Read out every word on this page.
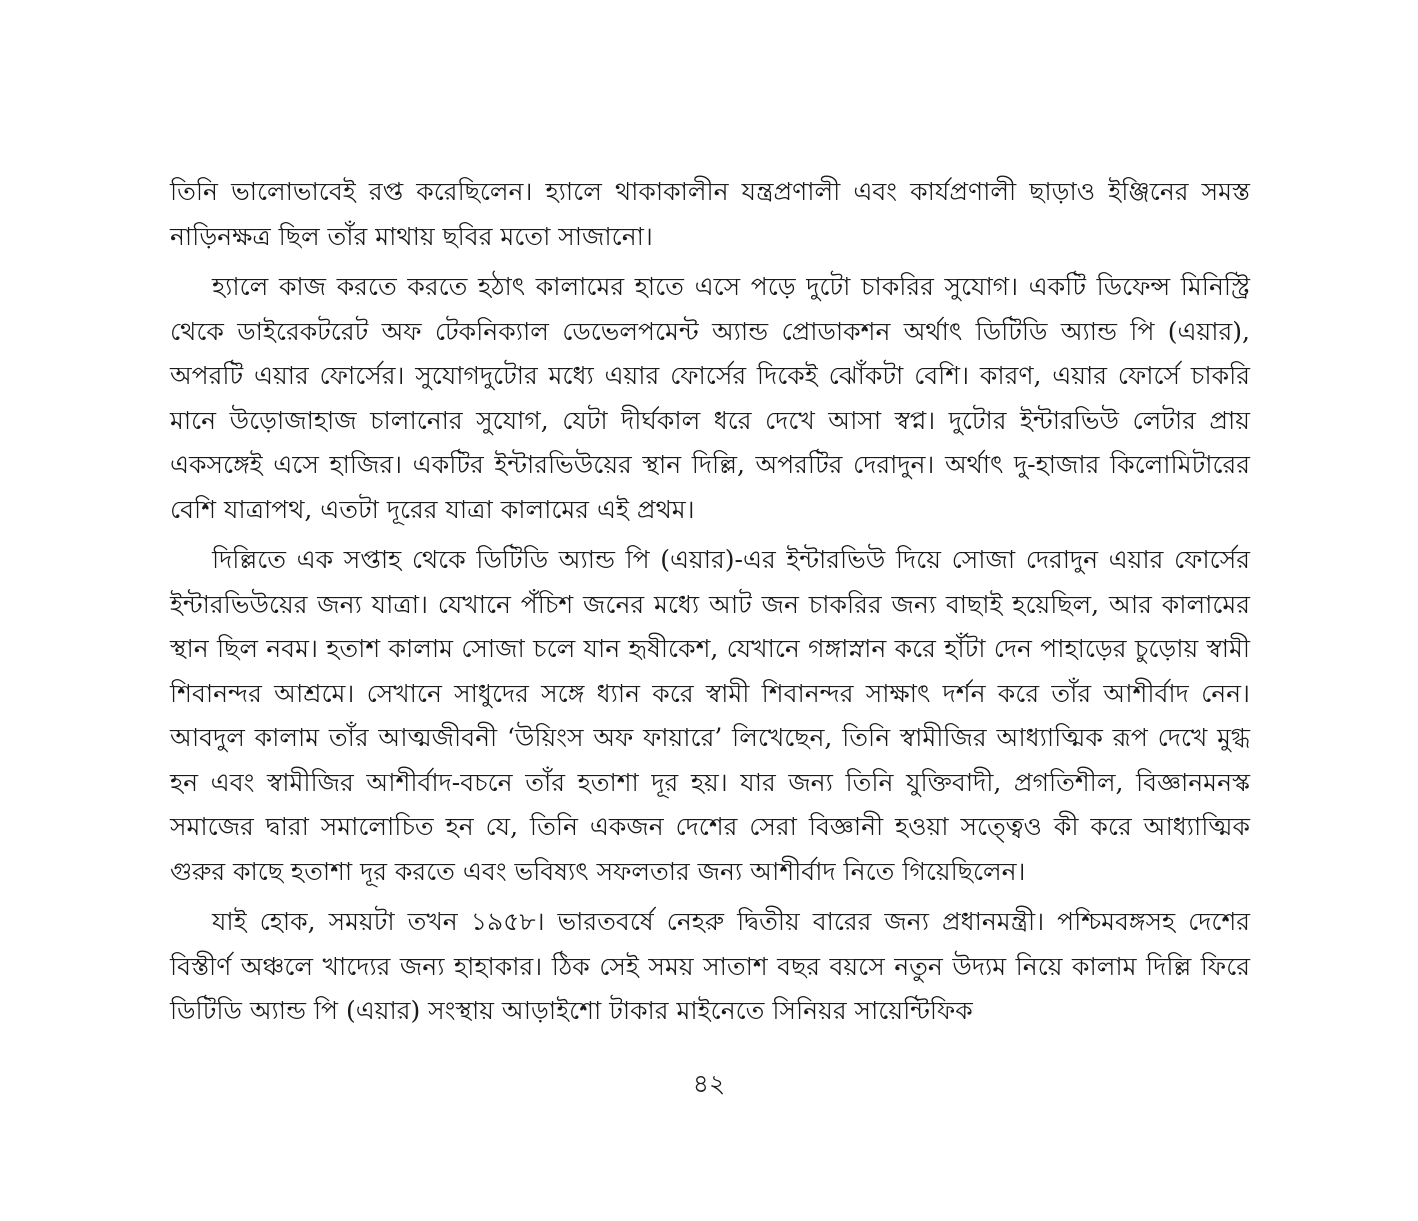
তিনি ভালোভাবেই রপ্ত করেছিলেন। হ্যালে থাকাকালীন যন্ত্রপ্রণালী এবং কার্যপ্রণালী ছাড়াও ইঞ্জিনের সমস্ত নাড়িনক্ষত্র ছিল তাঁর মাথায় ছবির মতো সাজানো।

হ্যালে কাজ করতে করতে হঠাৎ কালামের হাতে এসে পড়ে দুটো চাকরির সুযোগ। একটি ডিফেন্স মিনিস্ট্রি থেকে ডাইরেকটরেট অফ টেকনিক্যাল ডেভেলপমেন্ট অ্যান্ড প্রোডাকশন অর্থাৎ ডিটিডি অ্যান্ড পি (এয়ার), অপরটি এয়ার ফোর্সের। সুযোগদুটোর মধ্যে এয়ার ফোর্সের দিকেই ঝোঁকটা বেশি। কারণ, এয়ার ফোর্সে চাকরি মানে উড়োজাহাজ চালানোর সুযোগ, যেটা দীর্ঘকাল ধরে দেখে আসা স্বপ্ন। দুটোর ইন্টারভিউ লেটার প্রায় একসঙ্গেই এসে হাজির। একটির ইন্টারভিউয়ের স্থান দিল্লি, অপরটির দেরাদুন। অর্থাৎ দু-হাজার কিলোমিটারের বেশি যাত্রাপথ, এতটা দূরের যাত্রা কালামের এই প্রথম।

দিল্লিতে এক সপ্তাহ থেকে ডিটিডি অ্যান্ড পি (এয়ার)-এর ইন্টারভিউ দিয়ে সোজা দেরাদুন এয়ার ফোর্সের ইন্টারভিউয়ের জন্য যাত্রা। যেখানে পঁচিশ জনের মধ্যে আট জন চাকরির জন্য বাছাই হয়েছিল, আর কালামের স্থান ছিল নবম। হতাশ কালাম সোজা চলে যান হৃষীকেশ, যেখানে গঙ্গাস্নান করে হাঁটা দেন পাহাড়ের চুড়োয় স্বামী শিবানন্দর আশ্রমে। সেখানে সাধুদের সঙ্গে ধ্যান করে স্বামী শিবানন্দর সাক্ষাৎ দর্শন করে তাঁর আশীর্বাদ নেন। আবদুল কালাম তাঁর আত্মজীবনী ‘উয়িংস অফ ফায়ারে’ লিখেছেন, তিনি স্বামীজির আধ্যাত্মিক রূপ দেখে মুগ্ধ হন এবং স্বামীজির আশীর্বাদ-বচনে তাঁর হতাশা দূর হয়। যার জন্য তিনি যুক্তিবাদী, প্রগতিশীল, বিজ্ঞানমনস্ক সমাজের দ্বারা সমালোচিত হন যে, তিনি একজন দেশের সেরা বিজ্ঞানী হওয়া সত্ত্বেও কী করে আধ্যাত্মিক গুরুর কাছে হতাশা দূর করতে এবং ভবিষ্যৎ সফলতার জন্য আশীর্বাদ নিতে গিয়েছিলেন।

যাই হোক, সময়টা তখন ১৯৫৮। ভারতবর্ষে নেহরু দ্বিতীয় বারের জন্য প্রধানমন্ত্রী। পশ্চিমবঙ্গসহ দেশের বিস্তীর্ণ অঞ্চলে খাদ্যের জন্য হাহাকার। ঠিক সেই সময় সাতাশ বছর বয়সে নতুন উদ্যম নিয়ে কালাম দিল্লি ফিরে ডিটিডি অ্যান্ড পি (এয়ার) সংস্থায় আড়াইশো টাকার মাইনেতে সিনিয়র সায়েন্টিফিক

৪২
